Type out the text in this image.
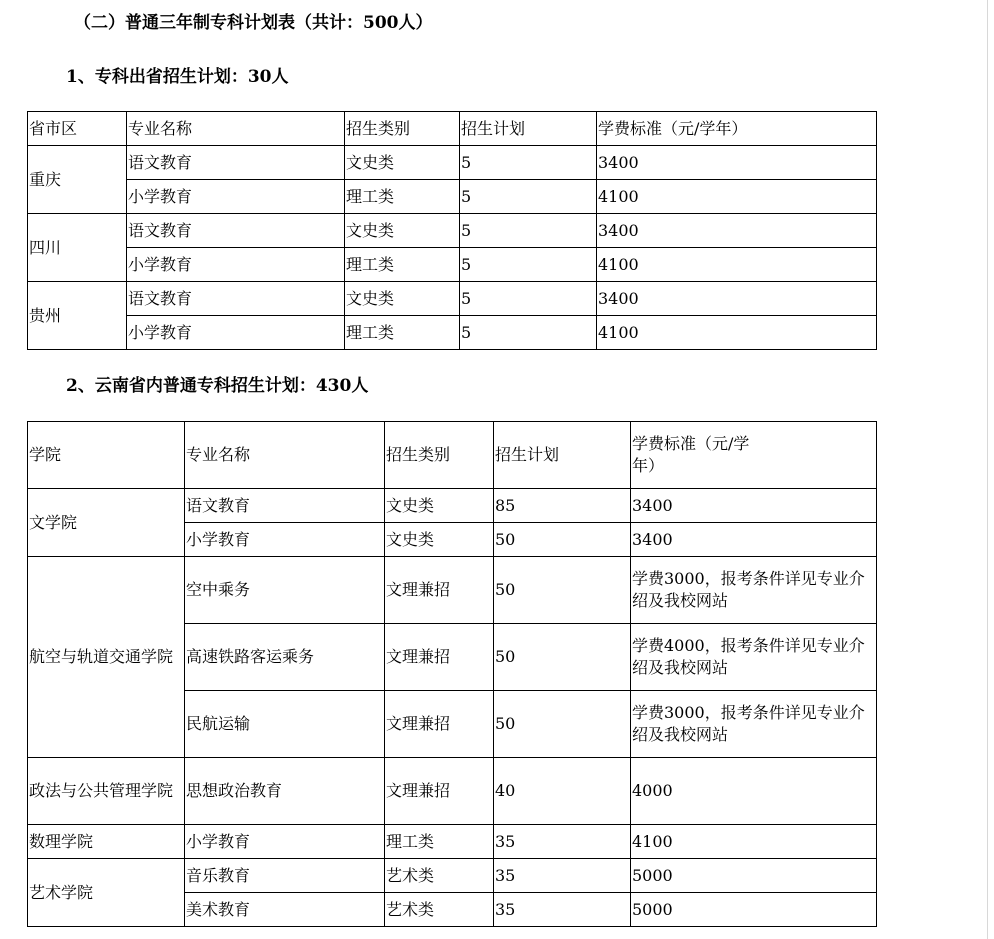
（二）普通三年制专科计划表（共计：500人）
1、专科出省招生计划：30人
省市区	专业名称	招生类别	招生计划	学费标准（元/学年）
重庆	语文教育	文史类	5	3400
	小学教育	理工类	5	4100
四川	语文教育	文史类	5	3400
	小学教育	理工类	5	4100
贵州	语文教育	文史类	5	3400
	小学教育	理工类	5	4100
2、云南省内普通专科招生计划：430人
学院	专业名称	招生类别	招生计划	学费标准（元/学年）
文学院	语文教育	文史类	85	3400
	小学教育	文史类	50	3400
航空与轨道交通学院	空中乘务	文理兼招	50	学费3000，报考条件详见专业介绍及我校网站
	高速铁路客运乘务	文理兼招	50	学费4000，报考条件详见专业介绍及我校网站
	民航运输	文理兼招	50	学费3000，报考条件详见专业介绍及我校网站
政法与公共管理学院	思想政治教育	文理兼招	40	4000
数理学院	小学教育	理工类	35	4100
艺术学院	音乐教育	艺术类	35	5000
	美术教育	艺术类	35	5000
